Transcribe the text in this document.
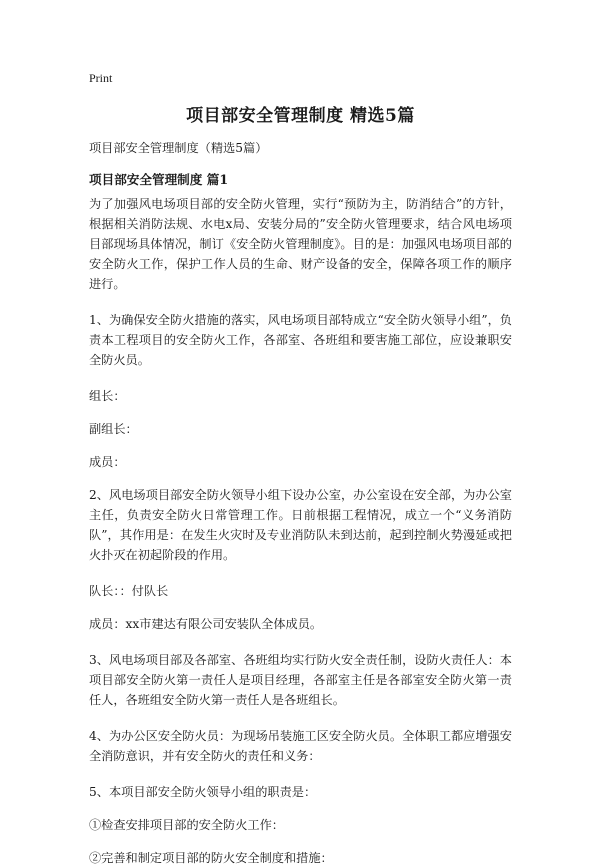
Print
项目部安全管理制度 精选5篇
项目部安全管理制度（精选5篇）
项目部安全管理制度 篇1

为了加强风电场项目部的安全防火管理，实行“预防为主，防消结合”的方针，根据相关消防法规、水电x局、安装分局的”安全防火管理要求，结合风电场项目部现场具体情况，制订《安全防火管理制度》。目的是：加强风电场项目部的安全防火工作，保护工作人员的生命、财产设备的安全，保障各项工作的顺序进行。

1、为确保安全防火措施的落实，风电场项目部特成立“安全防火领导小组”，负责本工程项目的安全防火工作，各部室、各班组和要害施工部位，应设兼职安全防火员。

组长：

副组长：

成员：

2、风电场项目部安全防火领导小组下设办公室，办公室设在安全部，为办公室主任，负责安全防火日常管理工作。日前根据工程情况，成立一个“义务消防队”，其作用是：在发生火灾时及专业消防队未到达前，起到控制火势漫延或把火扑灭在初起阶段的作用。

队长：：付队长

成员：xx市建达有限公司安装队全体成员。

3、风电场项目部及各部室、各班组均实行防火安全责任制，设防火责任人：本项目部安全防火第一责任人是项目经理，各部室主任是各部室安全防火第一责任人，各班组安全防火第一责任人是各班组长。

4、为办公区安全防火员：为现场吊装施工区安全防火员。全体职工都应增强安全消防意识，并有安全防火的责任和义务：

5、本项目部安全防火领导小组的职责是：

①检查安排项目部的安全防火工作：

②完善和制定项目部的防火安全制度和措施：
